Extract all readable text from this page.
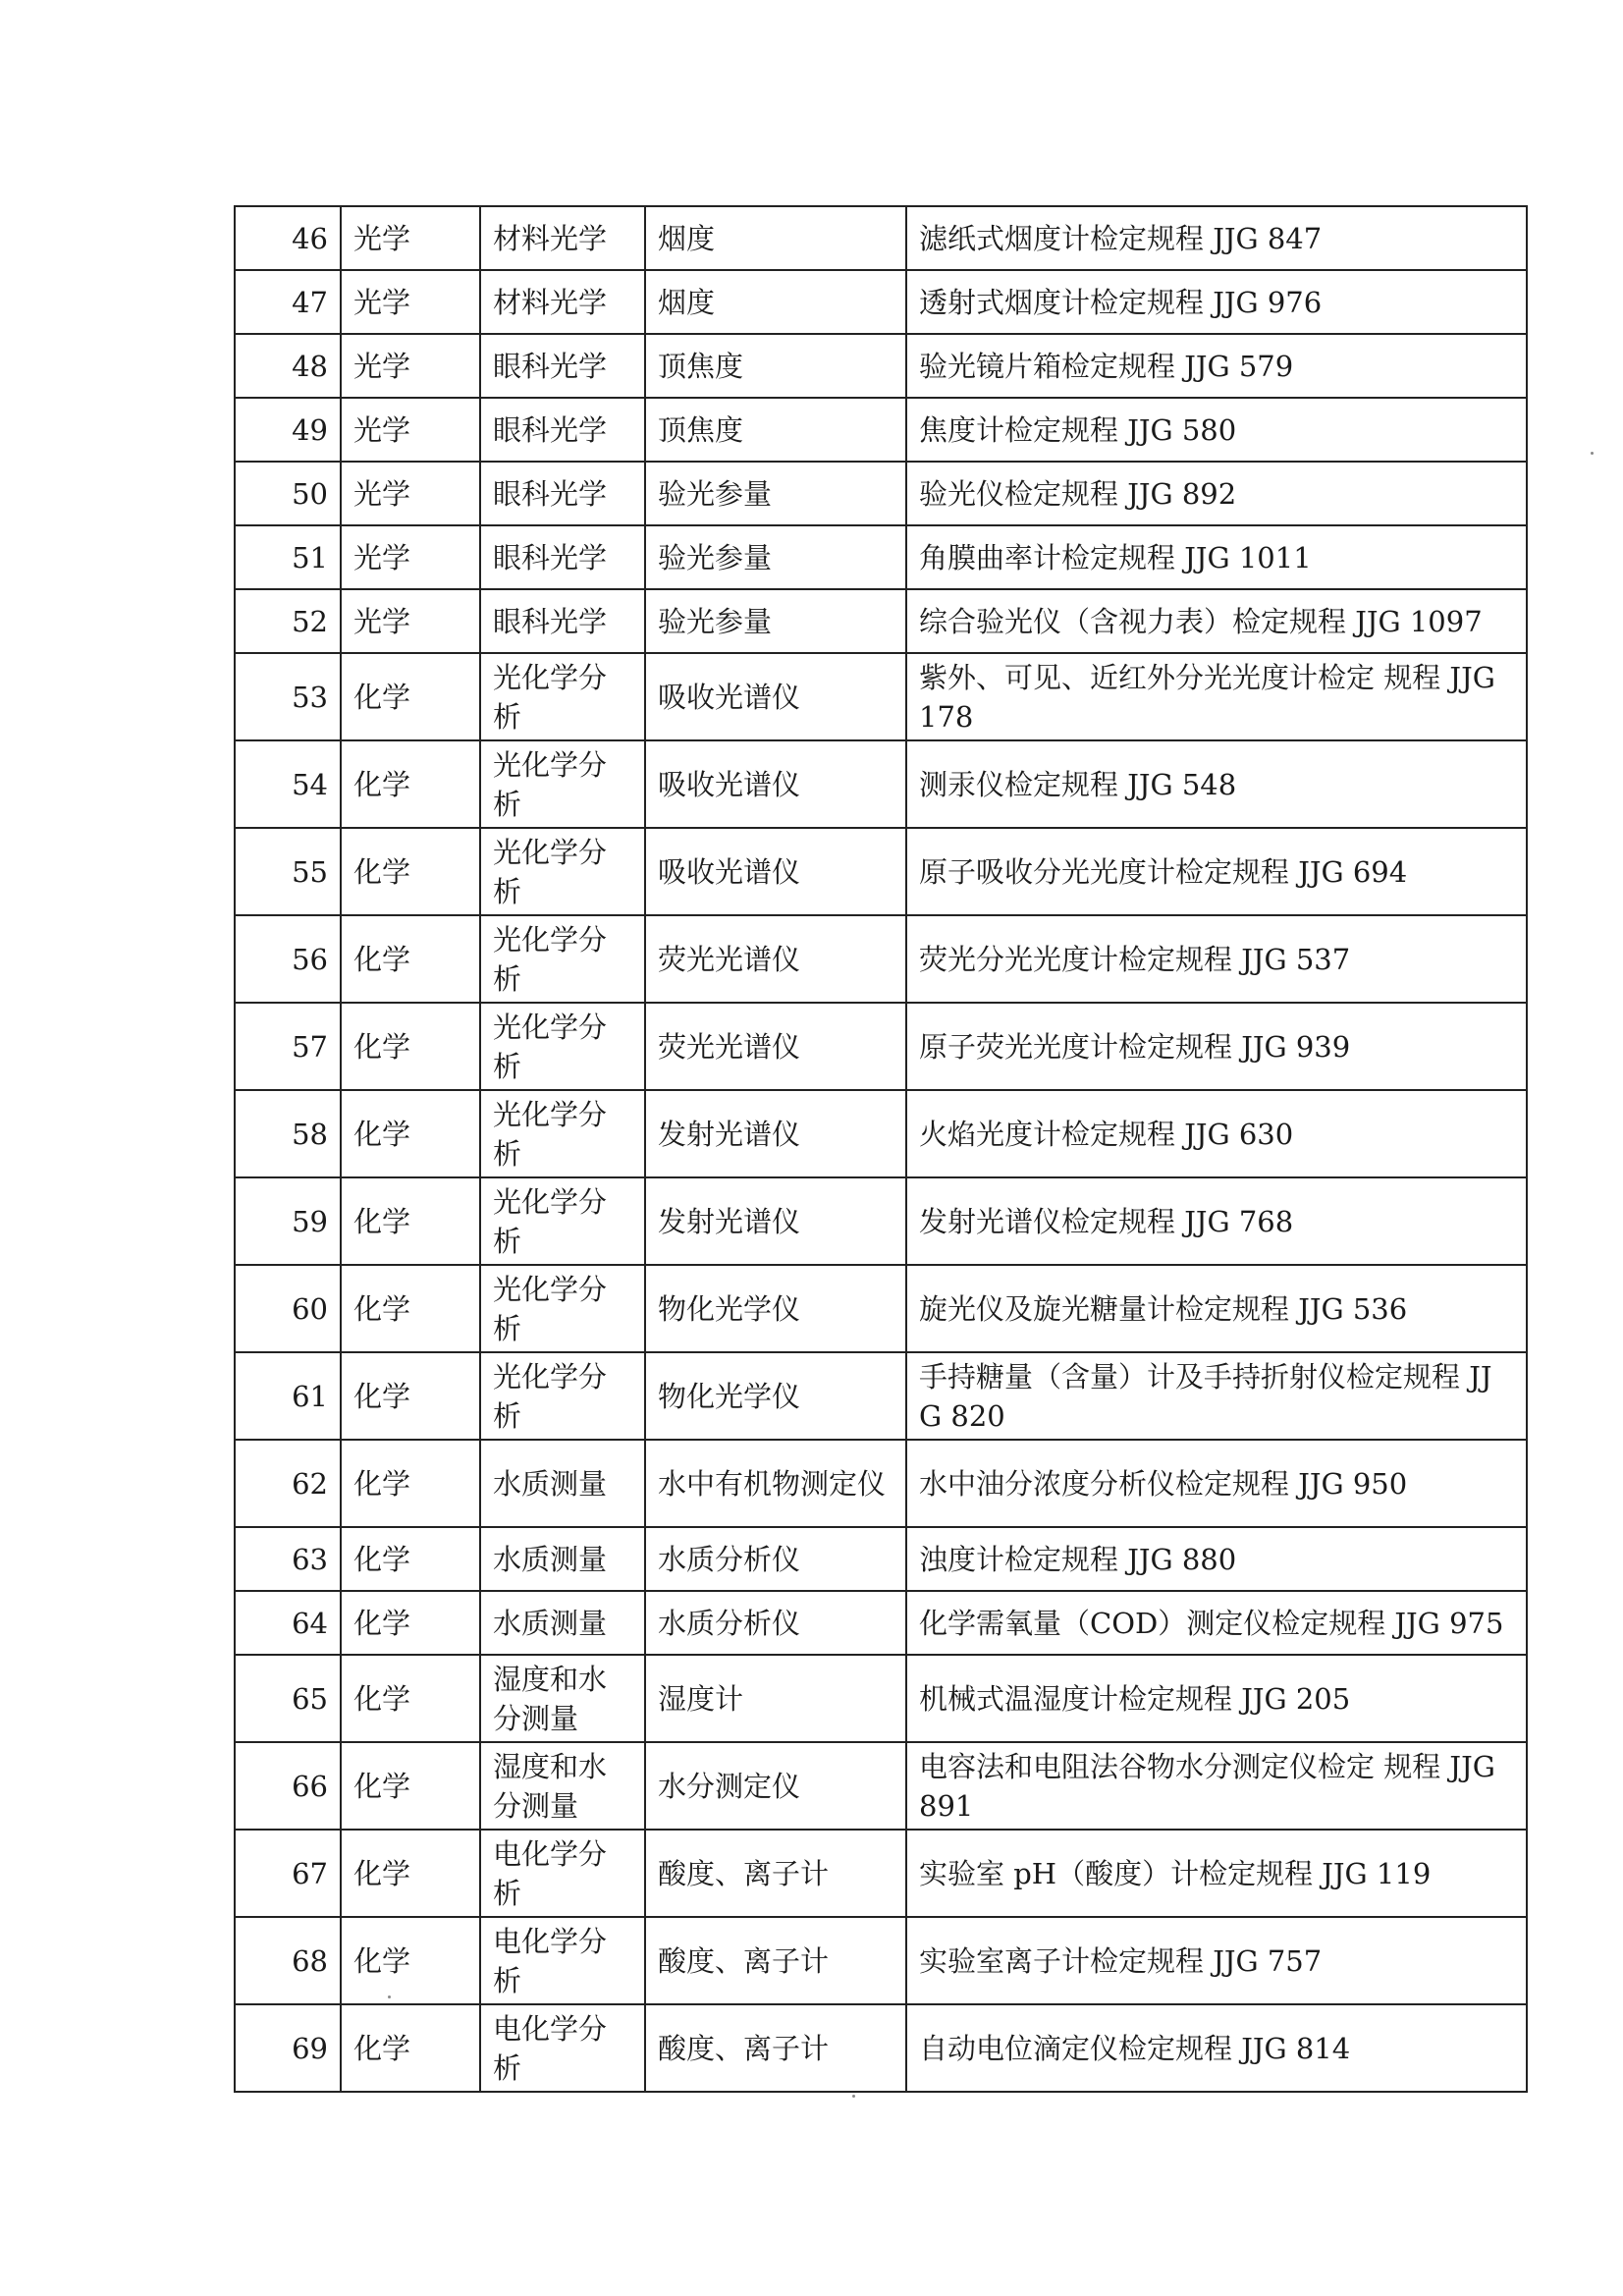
46	光学	材料光学	烟度	滤纸式烟度计检定规程 JJG 847
47	光学	材料光学	烟度	透射式烟度计检定规程 JJG 976
48	光学	眼科光学	顶焦度	验光镜片箱检定规程 JJG 579
49	光学	眼科光学	顶焦度	焦度计检定规程 JJG 580
50	光学	眼科光学	验光参量	验光仪检定规程 JJG 892
51	光学	眼科光学	验光参量	角膜曲率计检定规程 JJG 1011
52	光学	眼科光学	验光参量	综合验光仪（含视力表）检定规程 JJG 1097
53	化学	光化学分析	吸收光谱仪	紫外、可见、近红外分光光度计检定 规程 JJG 178
54	化学	光化学分析	吸收光谱仪	测汞仪检定规程 JJG 548
55	化学	光化学分析	吸收光谱仪	原子吸收分光光度计检定规程 JJG 694
56	化学	光化学分析	荧光光谱仪	荧光分光光度计检定规程 JJG 537
57	化学	光化学分析	荧光光谱仪	原子荧光光度计检定规程 JJG 939
58	化学	光化学分析	发射光谱仪	火焰光度计检定规程 JJG 630
59	化学	光化学分析	发射光谱仪	发射光谱仪检定规程 JJG 768
60	化学	光化学分析	物化光学仪	旋光仪及旋光糖量计检定规程 JJG 536
61	化学	光化学分析	物化光学仪	手持糖量（含量）计及手持折射仪检定规程 JJG 820
62	化学	水质测量	水中有机物测定仪	水中油分浓度分析仪检定规程 JJG 950
63	化学	水质测量	水质分析仪	浊度计检定规程 JJG 880
64	化学	水质测量	水质分析仪	化学需氧量（COD）测定仪检定规程 JJG 975
65	化学	湿度和水分测量	湿度计	机械式温湿度计检定规程 JJG 205
66	化学	湿度和水分测量	水分测定仪	电容法和电阻法谷物水分测定仪检定 规程 JJG 891
67	化学	电化学分析	酸度、离子计	实验室 pH（酸度）计检定规程 JJG 119
68	化学	电化学分析	酸度、离子计	实验室离子计检定规程 JJG 757
69	化学	电化学分析	酸度、离子计	自动电位滴定仪检定规程 JJG 814
